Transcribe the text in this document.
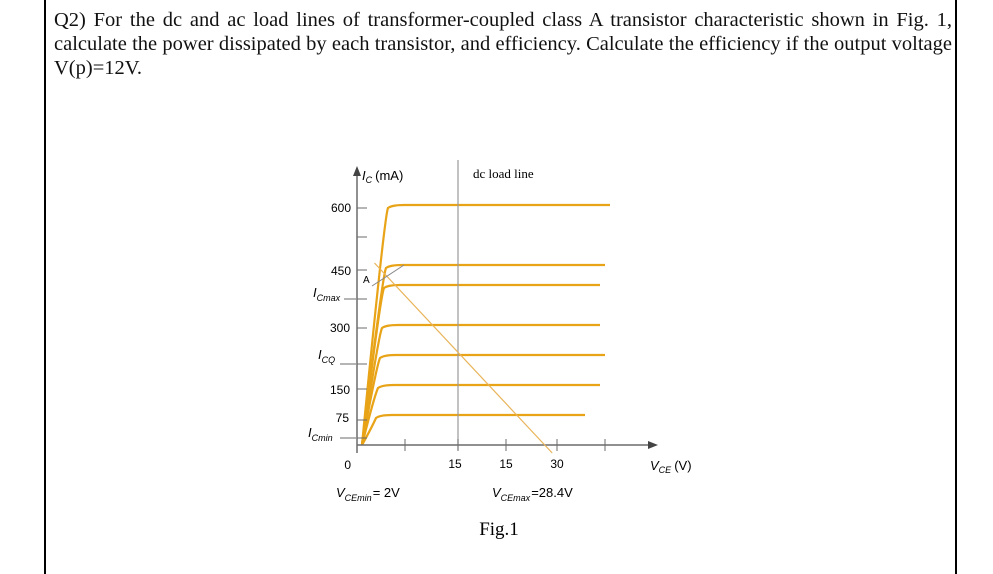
Q2) For the dc and ac load lines of transformer-coupled class A transistor characteristic shown in Fig. 1, calculate the power dissipated by each transistor, and efficiency. Calculate the efficiency if the output voltage V(p)=12V.
$I_C$ (mA)
600
450
300
150
75
0
$I_{Cmax}$
$I_{CQ}$
$I_{Cmin}$
A
dc load line
15	15	30	$V_{CE}$ (V)
$V_{CEmin}= 2V$	$V_{CEmax}=28.4V$
Fig.1
